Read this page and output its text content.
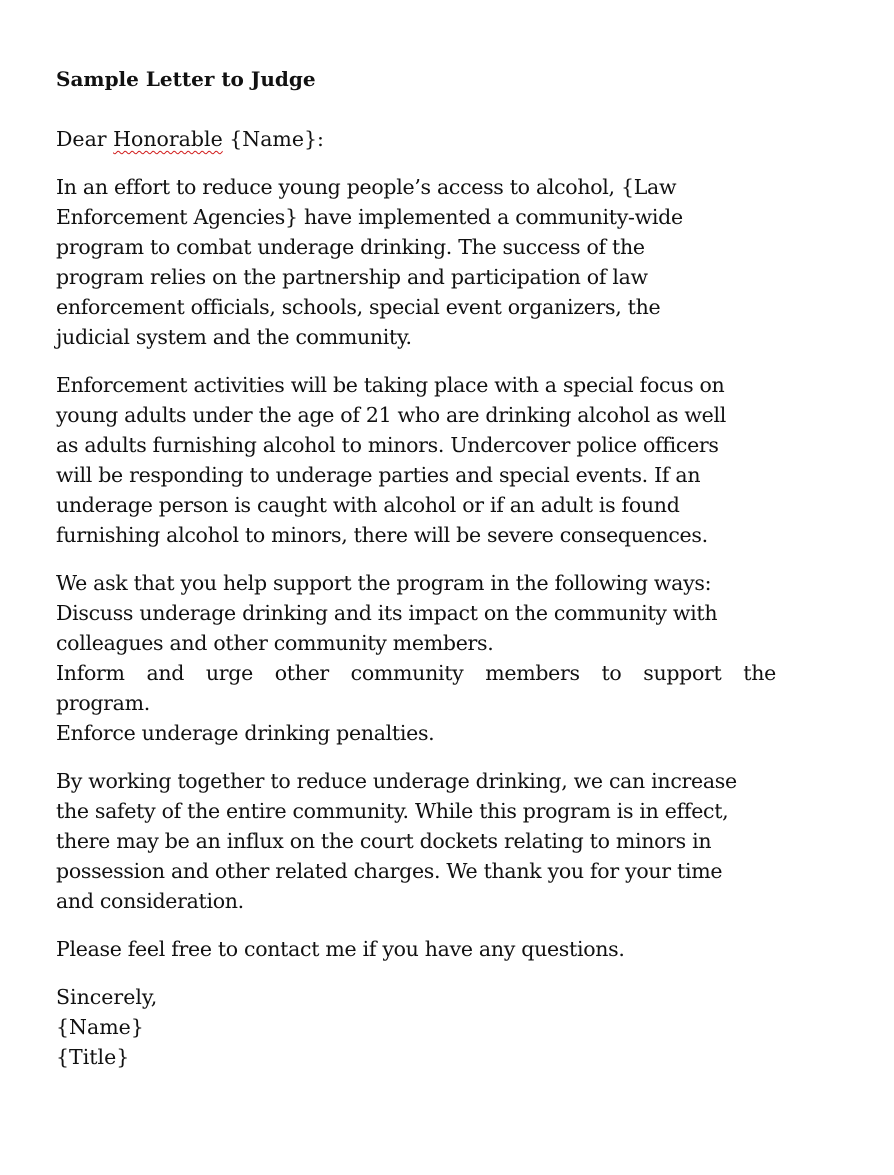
Sample Letter to Judge
Dear Honorable {Name}:
In an effort to reduce young people’s access to alcohol, {Law
Enforcement Agencies} have implemented a community-wide
program to combat underage drinking. The success of the
program relies on the partnership and participation of law
enforcement officials, schools, special event organizers, the
judicial system and the community.
Enforcement activities will be taking place with a special focus on
young adults under the age of 21 who are drinking alcohol as well
as adults furnishing alcohol to minors. Undercover police officers
will be responding to underage parties and special events. If an
underage person is caught with alcohol or if an adult is found
furnishing alcohol to minors, there will be severe consequences.
We ask that you help support the program in the following ways:
Discuss underage drinking and its impact on the community with
colleagues and other community members.
Inform and urge other community members to support the
program.
Enforce underage drinking penalties.
By working together to reduce underage drinking, we can increase
the safety of the entire community. While this program is in effect,
there may be an influx on the court dockets relating to minors in
possession and other related charges. We thank you for your time
and consideration.
Please feel free to contact me if you have any questions.
Sincerely,
{Name}
{Title}
